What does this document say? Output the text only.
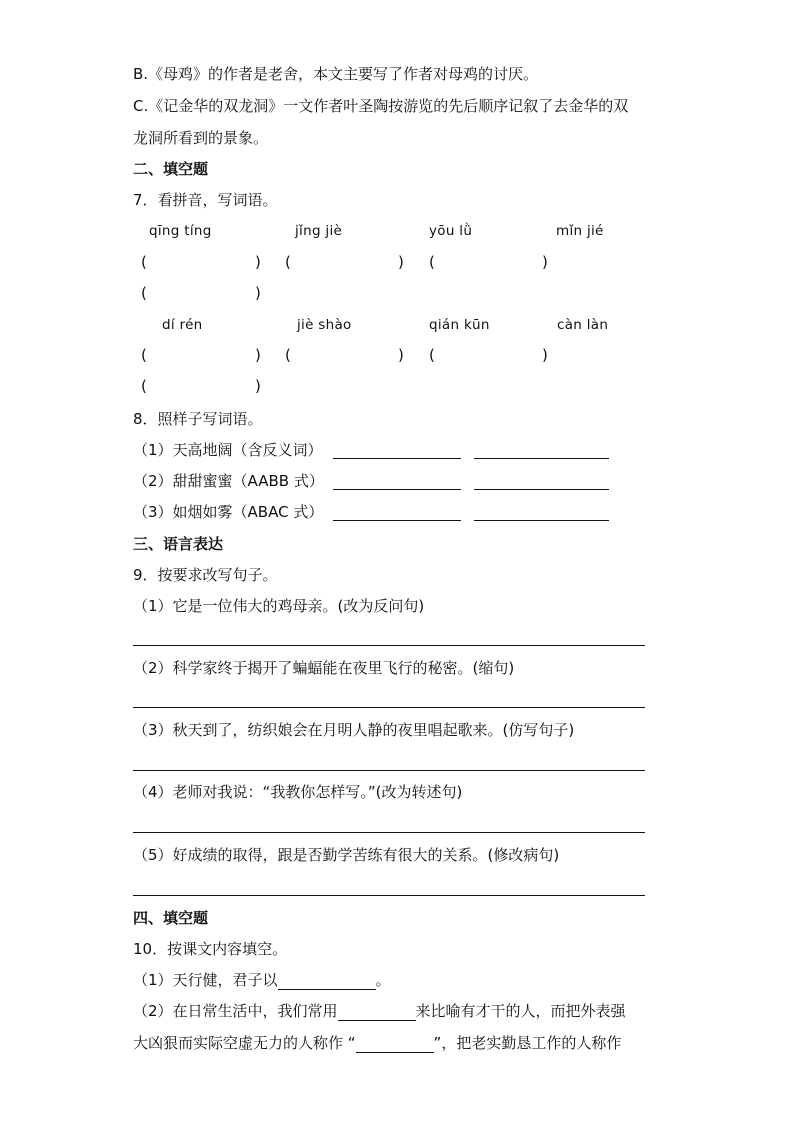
B.《母鸡》的作者是老舍，本文主要写了作者对母鸡的讨厌。
C.《记金华的双龙洞》一文作者叶圣陶按游览的先后顺序记叙了去金华的双
龙洞所看到的景象。
二、填空题
7．看拼音，写词语。
qīng tíng	jǐng jiè	yōu lǜ	mǐn jié
(	) (	) (	)
(	)
dí rén	jiè shào	qián kūn	càn làn
(	) (	) (	)
(	)
8．照样子写词语。
（1）天高地阔（含反义词）
（2）甜甜蜜蜜（AABB 式）
（3）如烟如雾（ABAC 式）
三、语言表达
9．按要求改写句子。
（1）它是一位伟大的鸡母亲。(改为反问句)
（2）科学家终于揭开了蝙蝠能在夜里飞行的秘密。(缩句)
（3）秋天到了，纺织娘会在月明人静的夜里唱起歌来。(仿写句子)
（4）老师对我说：“我教你怎样写。”(改为转述句)
（5）好成绩的取得，跟是否勤学苦练有很大的关系。(修改病句)
四、填空题
10．按课文内容填空。
（1）天行健，君子以	。
（2）在日常生活中，我们常用	来比喻有才干的人，而把外表强
大凶狠而实际空虚无力的人称作 “	”，把老实勤恳工作的人称作
